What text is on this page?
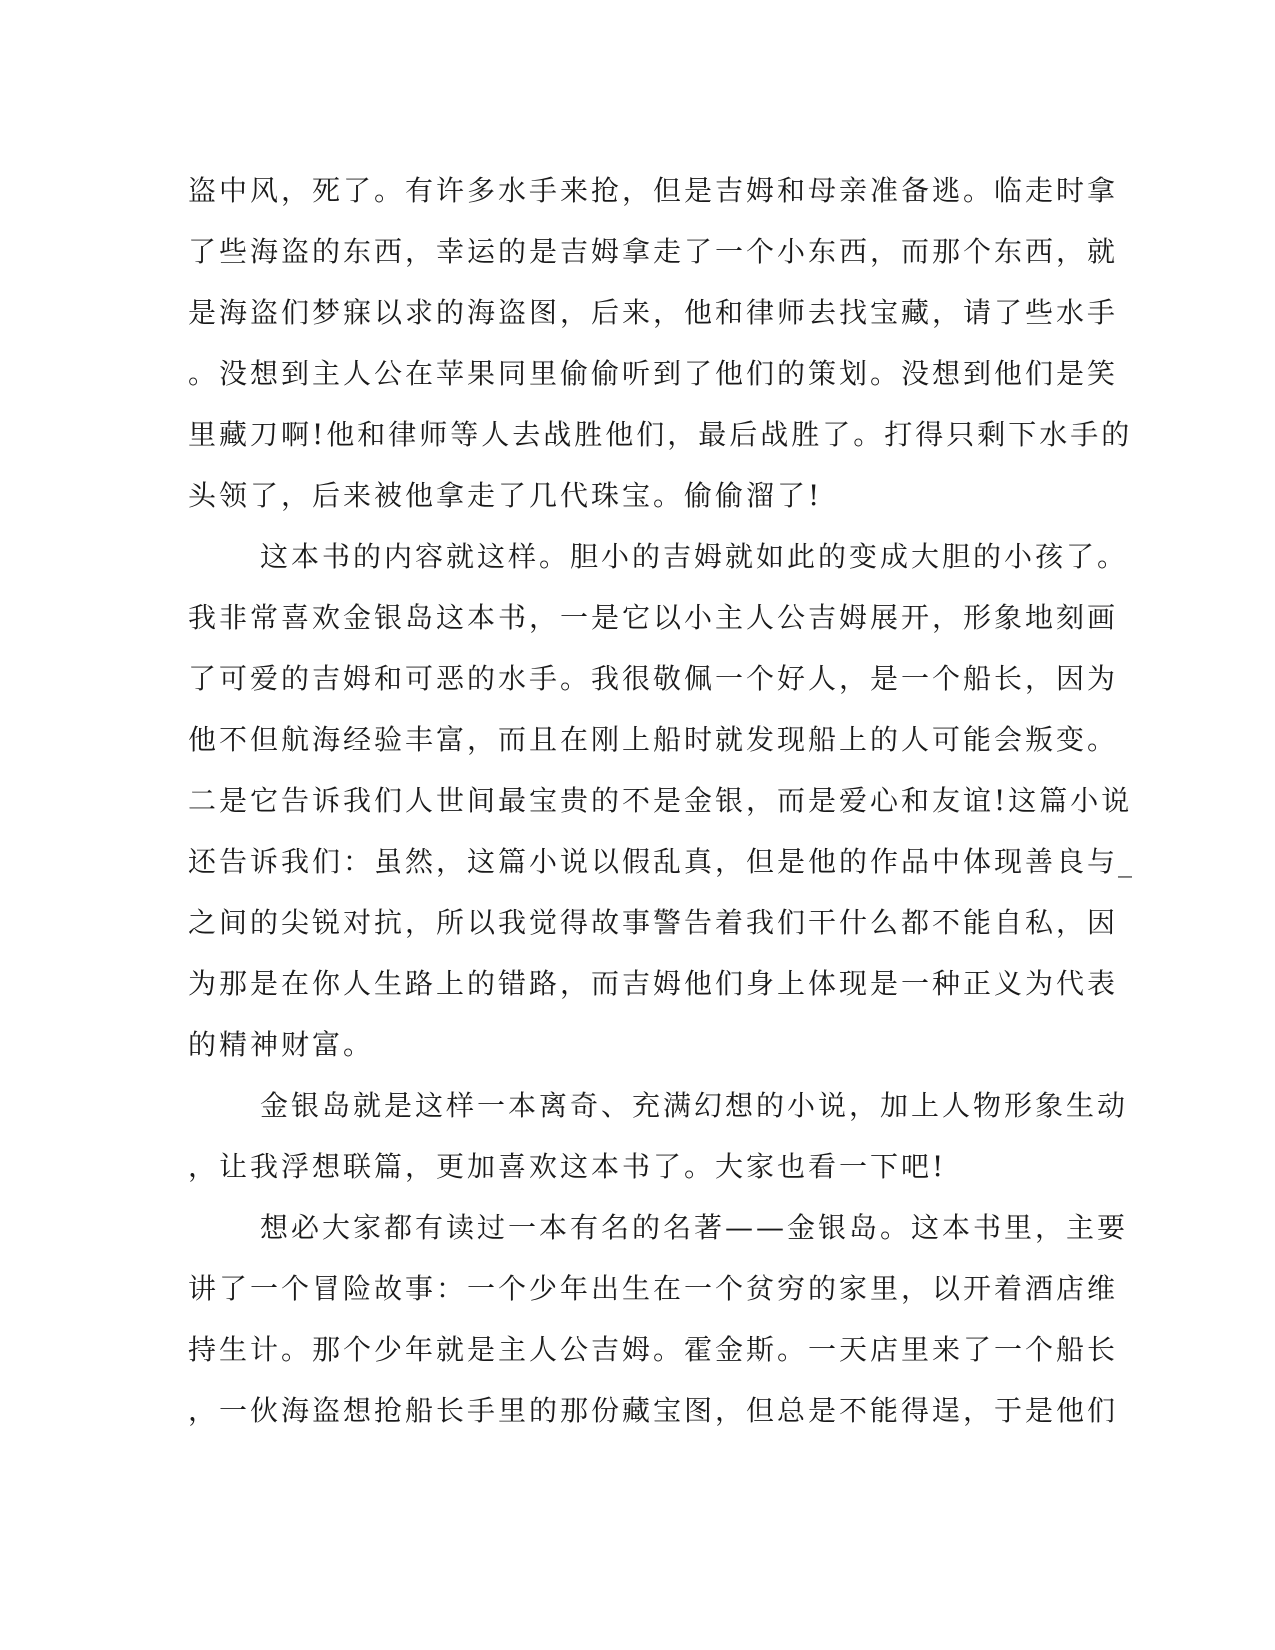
盗中风，死了。有许多水手来抢，但是吉姆和母亲准备逃。临走时拿
了些海盗的东西，幸运的是吉姆拿走了一个小东西，而那个东西，就
是海盗们梦寐以求的海盗图，后来，他和律师去找宝藏，请了些水手
。没想到主人公在苹果同里偷偷听到了他们的策划。没想到他们是笑
里藏刀啊!他和律师等人去战胜他们，最后战胜了。打得只剩下水手的
头领了，后来被他拿走了几代珠宝。偷偷溜了!
这本书的内容就这样。胆小的吉姆就如此的变成大胆的小孩了。
我非常喜欢金银岛这本书，一是它以小主人公吉姆展开，形象地刻画
了可爱的吉姆和可恶的水手。我很敬佩一个好人，是一个船长，因为
他不但航海经验丰富，而且在刚上船时就发现船上的人可能会叛变。
二是它告诉我们人世间最宝贵的不是金银，而是爱心和友谊!这篇小说
还告诉我们：虽然，这篇小说以假乱真，但是他的作品中体现善良与_
之间的尖锐对抗，所以我觉得故事警告着我们干什么都不能自私，因
为那是在你人生路上的错路，而吉姆他们身上体现是一种正义为代表
的精神财富。
金银岛就是这样一本离奇、充满幻想的小说，加上人物形象生动
，让我浮想联篇，更加喜欢这本书了。大家也看一下吧!
想必大家都有读过一本有名的名著——金银岛。这本书里，主要
讲了一个冒险故事：一个少年出生在一个贫穷的家里，以开着酒店维
持生计。那个少年就是主人公吉姆。霍金斯。一天店里来了一个船长
，一伙海盗想抢船长手里的那份藏宝图，但总是不能得逞，于是他们
